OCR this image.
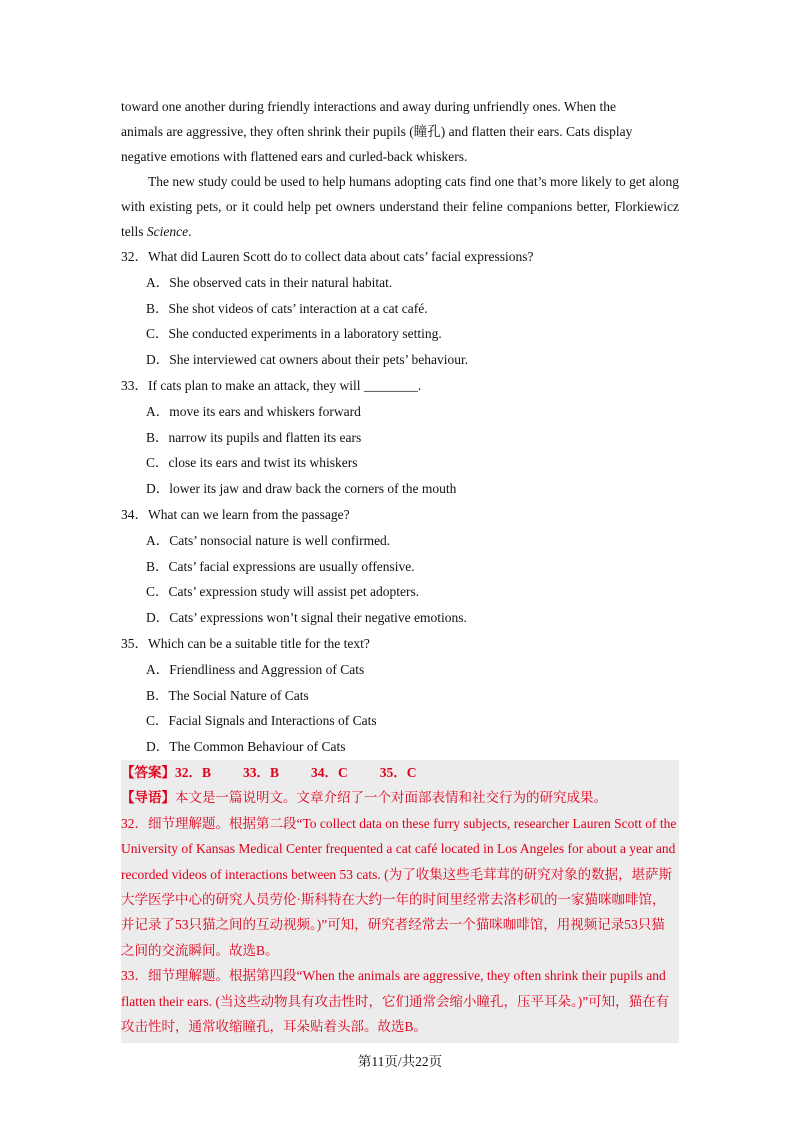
toward one another during friendly interactions and away during unfriendly ones. When the

animals are aggressive, they often shrink their pupils (瞳孔) and flatten their ears. Cats display

negative emotions with flattened ears and curled-back whiskers.

The new study could be used to help humans adopting cats find one that’s more likely to get along with existing pets, or it could help pet owners understand their feline companions better, Florkiewicz tells Science.

32．What did Lauren Scott do to collect data about cats’ facial expressions?

A．She observed cats in their natural habitat.

B．She shot videos of cats’ interaction at a cat café.

C．She conducted experiments in a laboratory setting.

D．She interviewed cat owners about their pets’ behaviour.

33．If cats plan to make an attack, they will ________.

A．move its ears and whiskers forward

B．narrow its pupils and flatten its ears

C．close its ears and twist its whiskers

D．lower its jaw and draw back the corners of the mouth

34．What can we learn from the passage?

A．Cats’ nonsocial nature is well confirmed.

B．Cats’ facial expressions are usually offensive.

C．Cats’ expression study will assist pet adopters.

D．Cats’ expressions won’t signal their negative emotions.

35．Which can be a suitable title for the text?

A．Friendliness and Aggression of Cats

B．The Social Nature of Cats

C．Facial Signals and Interactions of Cats

D．The Common Behaviour of Cats

【答案】32．B 33．B 34．C 35．C

【导语】本文是一篇说明文。文章介绍了一个对面部表情和社交行为的研究成果。

32．细节理解题。根据第二段“To collect data on these furry subjects, researcher Lauren Scott of the University of Kansas Medical Center frequented a cat café located in Los Angeles for about a year and recorded videos of interactions between 53 cats. (为了收集这些毛茸茸的研究对象的数据，堪萨斯大学医学中心的研究人员劳伦·斯科特在大约一年的时间里经常去洛杉矶的一家猫咪咖啡馆，并记录了53只猫之间的互动视频。)”可知，研究者经常去一个猫咪咖啡馆，用视频记录53只猫之间的交流瞬间。故选B。

33．细节理解题。根据第四段“When the animals are aggressive, they often shrink their pupils and flatten their ears. (当这些动物具有攻击性时，它们通常会缩小瞳孔，压平耳朵。)”可知，猫在有攻击性时，通常收缩瞳孔，耳朵贴着头部。故选B。

第11页/共22页
